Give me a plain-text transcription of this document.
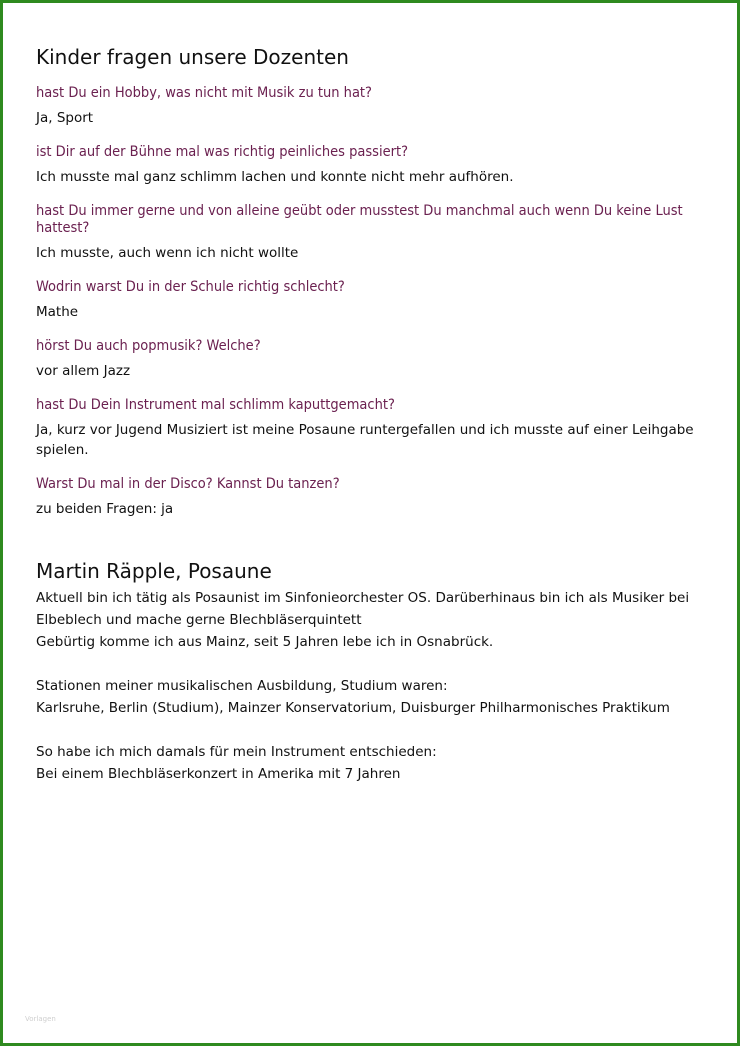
Kinder fragen unsere Dozenten
hast Du ein Hobby, was nicht mit Musik zu tun hat?
Ja, Sport
ist Dir auf der Bühne mal was richtig peinliches passiert?
Ich musste mal ganz schlimm lachen und konnte nicht mehr aufhören.
hast Du immer gerne und von alleine geübt oder musstest Du manchmal auch wenn Du keine Lust hattest?
Ich musste, auch wenn ich nicht wollte
Wodrin warst Du in der Schule richtig schlecht?
Mathe
hörst Du auch popmusik? Welche?
vor allem Jazz
hast Du Dein Instrument mal schlimm kaputtgemacht?
Ja, kurz vor Jugend Musiziert ist meine Posaune runtergefallen und ich musste auf einer Leihgabe spielen.
Warst Du mal in der Disco? Kannst Du tanzen?
zu beiden Fragen: ja
Martin Räpple, Posaune

Aktuell bin ich tätig als Posaunist im Sinfonieorchester OS. Darüberhinaus bin ich als Musiker bei Elbeblech und mache gerne Blechbläserquintett

Gebürtig komme ich aus Mainz, seit 5 Jahren lebe ich in Osnabrück.

Stationen meiner musikalischen Ausbildung, Studium waren:

Karlsruhe, Berlin (Studium), Mainzer Konservatorium, Duisburger Philharmonisches Praktikum

So habe ich mich damals für mein Instrument entschieden:

Bei einem Blechbläserkonzert in Amerika mit 7 Jahren

Vorlagen
